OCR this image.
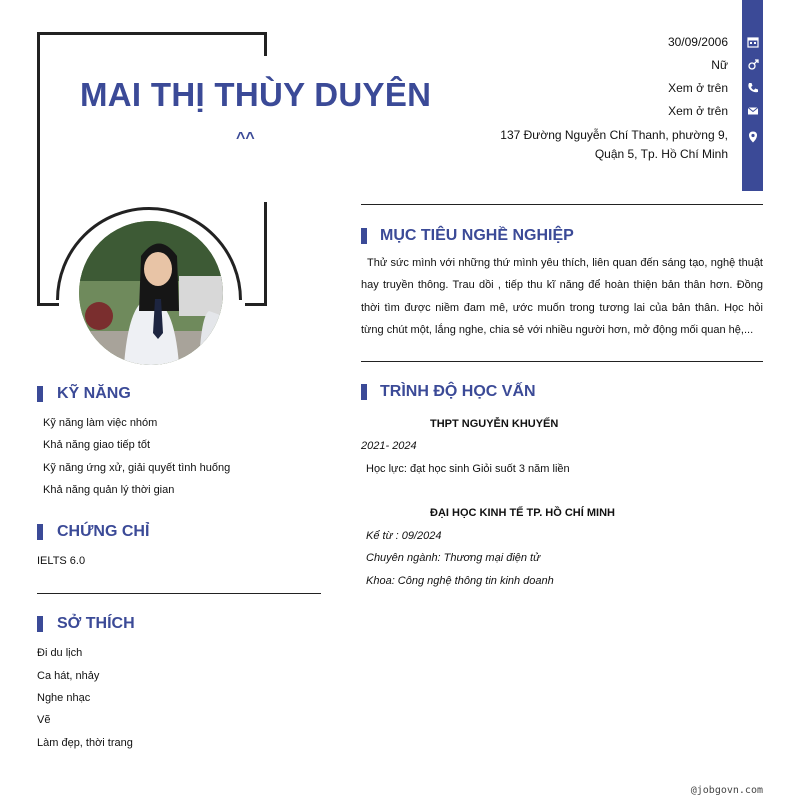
MAI THỊ THÙY DUYÊN
^^
30/09/2006
Nữ
Xem ở trên
Xem ở trên
137 Đường Nguyễn Chí Thanh, phường 9,
Quận 5, Tp. Hồ Chí Minh
MỤC TIÊU NGHỀ NGHIỆP
Thử sức mình với những thứ mình yêu thích, liên quan đến sáng tạo, nghệ thuật hay truyền thông. Trau dồi , tiếp thu kĩ năng để hoàn thiện bản thân hơn. Đồng thời tìm được niềm đam mê, ước muốn trong tương lai của bản thân. Học hỏi từng chút một, lắng nghe, chia sẻ với nhiều người hơn, mở động mối quan hệ,...
TRÌNH ĐỘ HỌC VẤN
THPT NGUYỄN KHUYẾN
2021- 2024
Học lực: đạt học sinh Giỏi suốt 3 năm liền
ĐẠI HỌC KINH TẾ TP. HỒ CHÍ MINH
Kể từ : 09/2024
Chuyên ngành: Thương mại điện tử
Khoa: Công nghệ thông tin kinh doanh
KỸ NĂNG
Kỹ năng làm việc nhóm
Khả năng giao tiếp tốt
Kỹ năng ứng xử, giải quyết tình huống
Khả năng quản lý thời gian
CHỨNG CHỈ
IELTS 6.0
SỞ THÍCH
Đi du lịch
Ca hát, nhảy
Nghe nhạc
Vẽ
Làm đẹp, thời trang
@jobgovn.com
